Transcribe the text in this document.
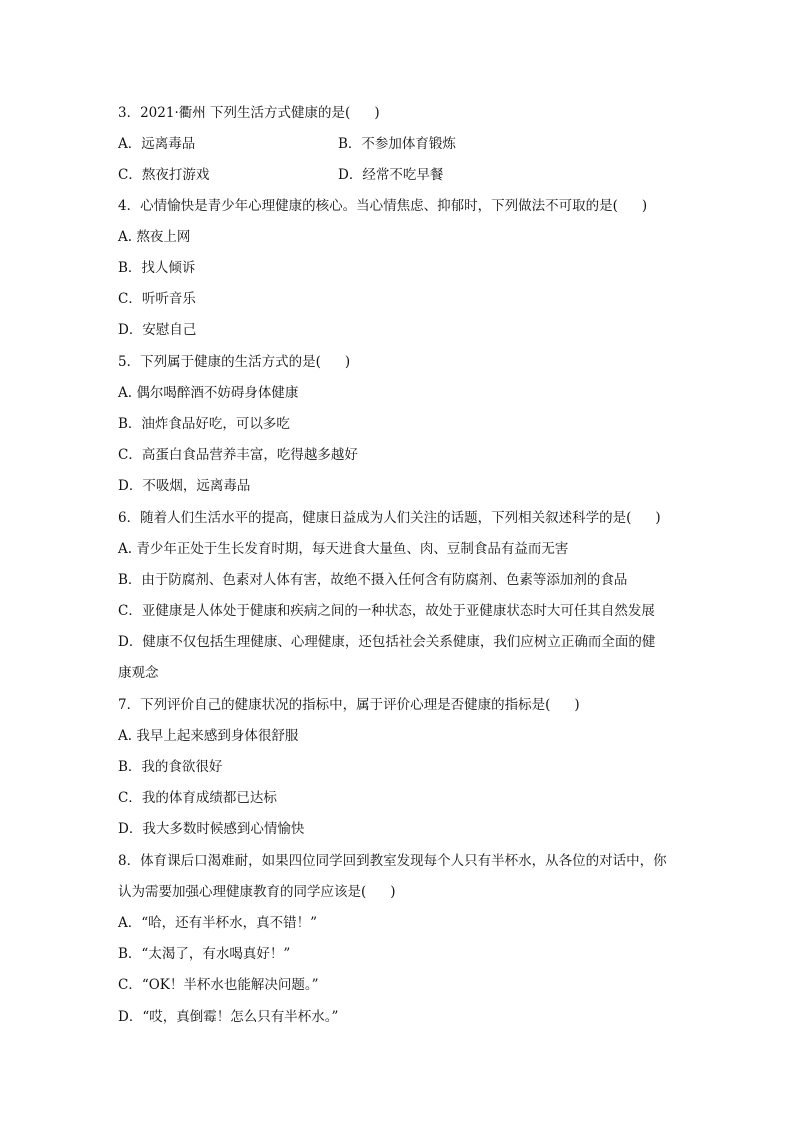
3．2021·衢州 下列生活方式健康的是( )
A．远离毒品	B．不参加体育锻炼
C．熬夜打游戏	D．经常不吃早餐
4．心情愉快是青少年心理健康的核心。当心情焦虑、抑郁时，下列做法不可取的是( )
A. 熬夜上网
B．找人倾诉
C．听听音乐
D．安慰自己
5．下列属于健康的生活方式的是( )
A. 偶尔喝醉酒不妨碍身体健康
B．油炸食品好吃，可以多吃
C．高蛋白食品营养丰富，吃得越多越好
D．不吸烟，远离毒品
6．随着人们生活水平的提高，健康日益成为人们关注的话题，下列相关叙述科学的是( )
A. 青少年正处于生长发育时期，每天进食大量鱼、肉、豆制食品有益而无害
B．由于防腐剂、色素对人体有害，故绝不摄入任何含有防腐剂、色素等添加剂的食品
C．亚健康是人体处于健康和疾病之间的一种状态，故处于亚健康状态时大可任其自然发展
D．健康不仅包括生理健康、心理健康，还包括社会关系健康，我们应树立正确而全面的健
康观念
7．下列评价自己的健康状况的指标中，属于评价心理是否健康的指标是( )
A. 我早上起来感到身体很舒服
B．我的食欲很好
C．我的体育成绩都已达标
D．我大多数时候感到心情愉快
8．体育课后口渴难耐，如果四位同学回到教室发现每个人只有半杯水，从各位的对话中，你
认为需要加强心理健康教育的同学应该是( )
A．“哈，还有半杯水，真不错！”
B．“太渴了，有水喝真好！”
C．“OK！半杯水也能解决问题。”
D．“哎，真倒霉！怎么只有半杯水。”
